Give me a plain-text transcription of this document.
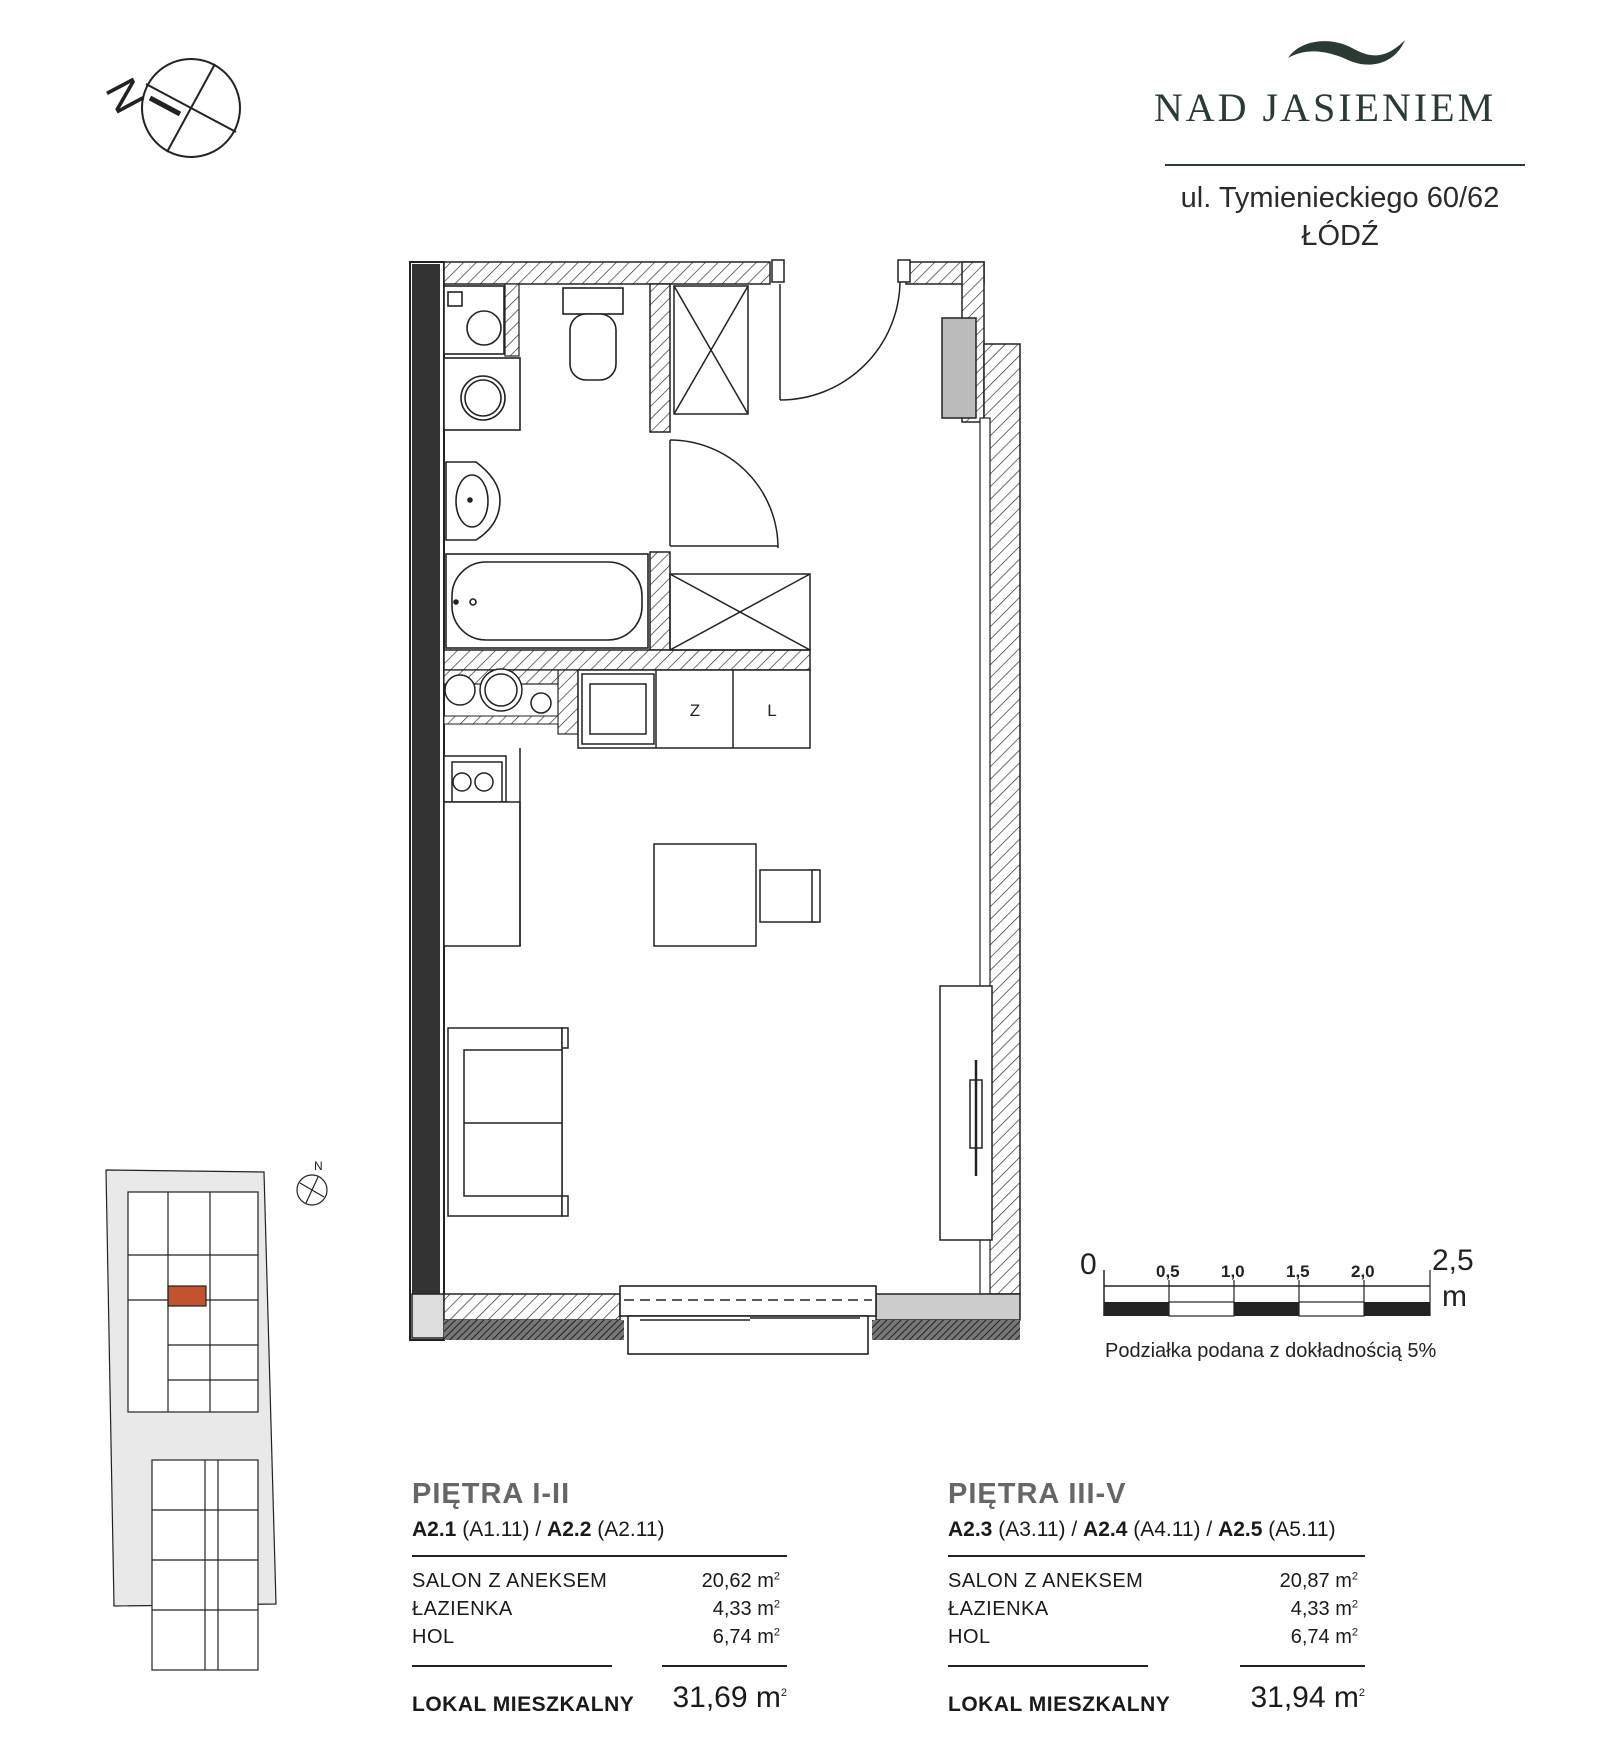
N
Z	L
N
NAD JASIENIEM
ul. Tymienieckiego 60/62
ŁÓDŹ
0	0,5 1,0 1,5 2,0 2,5
m
Podziałka podana z dokładnością 5%
PIĘTRA I-II
A2.1 (A1.11) / A2.2 (A2.11)
SALON Z ANEKSEM	20,62 $m^2$
ŁAZIENKA	4,33 $m^2$
HOL	6,74 $m^2$
LOKAL MIESZKALNY	31,69 $m^2$
PIĘTRA III-V
A2.3 (A3.11) / A2.4 (A4.11) / A2.5 (A5.11)
SALON Z ANEKSEM	20,87 $m^2$
ŁAZIENKA	4,33 $m^2$
HOL	6,74 $m^2$
LOKAL MIESZKALNY	31,94 $m^2$
